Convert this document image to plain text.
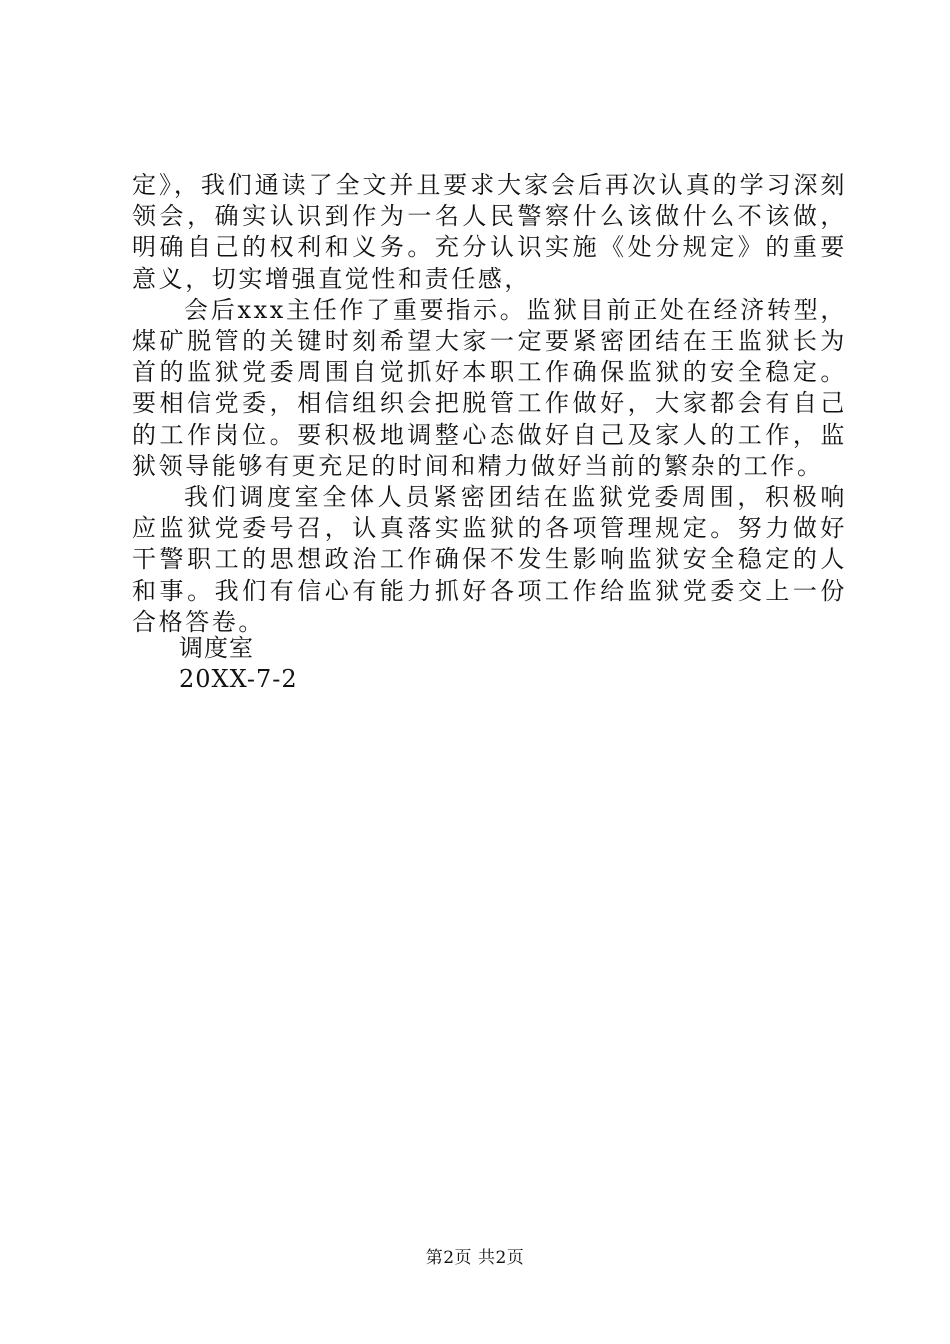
定》，我们通读了全文并且要求大家会后再次认真的学习深刻领会，确实认识到作为一名人民警察什么该做什么不该做，明确自己的权利和义务。充分认识实施《处分规定》的重要意义，切实增强直觉性和责任感，

会后xxx主任作了重要指示。监狱目前正处在经济转型，煤矿脱管的关键时刻希望大家一定要紧密团结在王监狱长为首的监狱党委周围自觉抓好本职工作确保监狱的安全稳定。要相信党委，相信组织会把脱管工作做好，大家都会有自己的工作岗位。要积极地调整心态做好自己及家人的工作，监狱领导能够有更充足的时间和精力做好当前的繁杂的工作。

我们调度室全体人员紧密团结在监狱党委周围，积极响应监狱党委号召，认真落实监狱的各项管理规定。努力做好干警职工的思想政治工作确保不发生影响监狱安全稳定的人和事。我们有信心有能力抓好各项工作给监狱党委交上一份合格答卷。

调度室
20XX-7-2
第2页 共2页
